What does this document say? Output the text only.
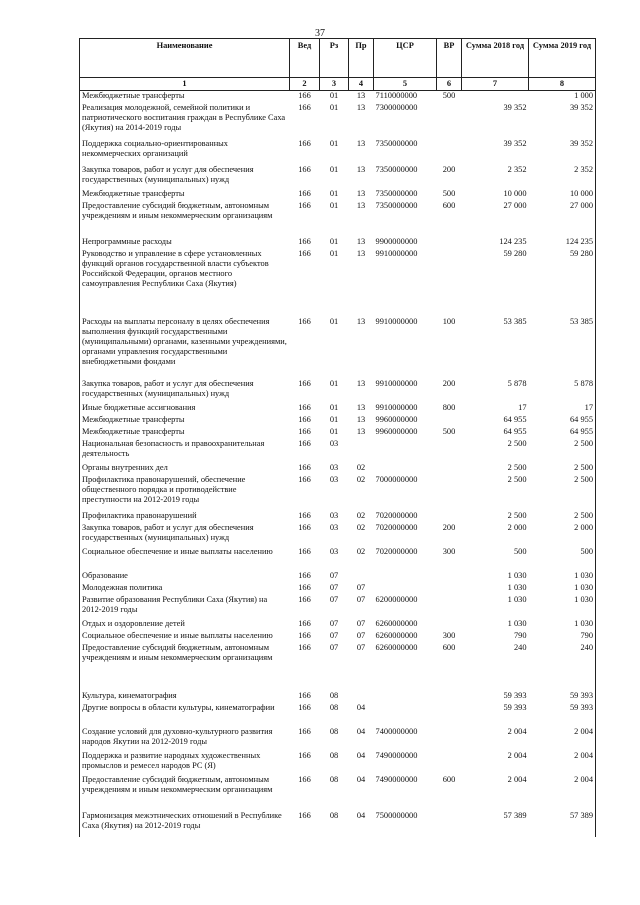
37
Наименование	Вед	Рз	Пр	ЦСР	ВР	Сумма 2018 год	Сумма 2019 год
1	2	3	4	5	6	7	8
Межбюджетные трансферты	166	01	13	7110000000	500		1 000
Реализация молодежной, семейной политики и патриотического воспитания граждан в Республике Саха (Якутия) на 2014-2019 годы	166	01	13	7300000000		39 352	39 352
Поддержка социально-ориентированных некоммерческих организаций	166	01	13	7350000000		39 352	39 352
Закупка товаров, работ и услуг для обеспечения государственных (муниципальных) нужд	166	01	13	7350000000	200	2 352	2 352
Межбюджетные трансферты	166	01	13	7350000000	500	10 000	10 000
Предоставление субсидий бюджетным, автономным учреждениям и иным некоммерческим организациям	166	01	13	7350000000	600	27 000	27 000
Непрограммные расходы	166	01	13	9900000000		124 235	124 235
Руководство и управление в сфере установленных функций органов государственной власти субъектов Российской Федерации, органов местного самоуправления Республики Саха (Якутия)	166	01	13	9910000000		59 280	59 280
Расходы на выплаты персоналу в целях обеспечения выполнения функций государственными (муниципальными) органами, казенными учреждениями, органами управления государственными внебюджетными фондами	166	01	13	9910000000	100	53 385	53 385
Закупка товаров, работ и услуг для обеспечения государственных (муниципальных) нужд	166	01	13	9910000000	200	5 878	5 878
Иные бюджетные ассигнования	166	01	13	9910000000	800	17	17
Межбюджетные трансферты	166	01	13	9960000000		64 955	64 955
Межбюджетные трансферты	166	01	13	9960000000	500	64 955	64 955
Национальная безопасность и правоохранительная деятельность	166	03				2 500	2 500
Органы внутренних дел	166	03	02			2 500	2 500
Профилактика правонарушений, обеспечение общественного порядка и противодействие преступности на 2012-2019 годы	166	03	02	7000000000		2 500	2 500
Профилактика правонарушений	166	03	02	7020000000		2 500	2 500
Закупка товаров, работ и услуг для обеспечения государственных (муниципальных) нужд	166	03	02	7020000000	200	2 000	2 000
Социальное обеспечение и иные выплаты населению	166	03	02	7020000000	300	500	500
Образование	166	07				1 030	1 030
Молодежная политика	166	07	07			1 030	1 030
Развитие образования Республики Саха (Якутия) на 2012-2019 годы	166	07	07	6200000000		1 030	1 030
Отдых и оздоровление детей	166	07	07	6260000000		1 030	1 030
Социальное обеспечение и иные выплаты населению	166	07	07	6260000000	300	790	790
Предоставление субсидий бюджетным, автономным учреждениям и иным некоммерческим организациям	166	07	07	6260000000	600	240	240
Культура, кинематография	166	08				59 393	59 393
Другие вопросы в области культуры, кинематографии	166	08	04			59 393	59 393
Создание условий для духовно-культурного развития народов Якутии на 2012-2019 годы	166	08	04	7400000000		2 004	2 004
Поддержка и развитие народных художественных промыслов и ремесел народов РС (Я)	166	08	04	7490000000		2 004	2 004
Предоставление субсидий бюджетным, автономным учреждениям и иным некоммерческим организациям	166	08	04	7490000000	600	2 004	2 004
Гармонизация межэтнических отношений в Республике Саха (Якутия) на 2012-2019 годы	166	08	04	7500000000		57 389	57 389
